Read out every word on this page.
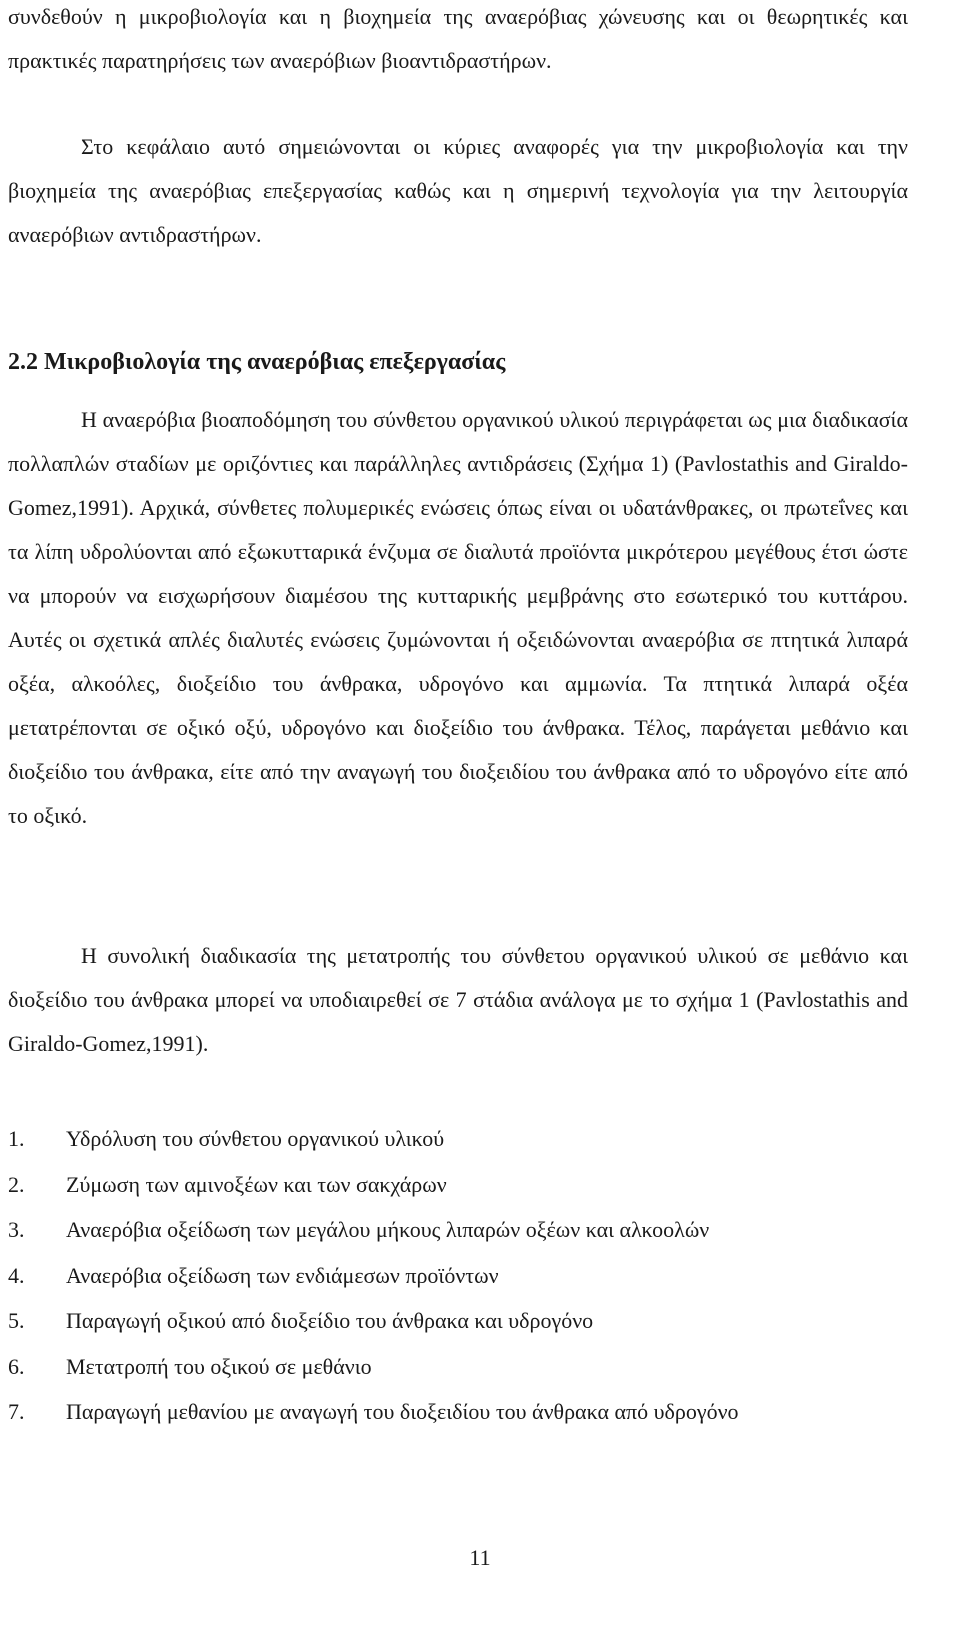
συνδεθούν η μικροβιολογία και η βιοχημεία της αναερόβιας χώνευσης και οι θεωρητικές και πρακτικές παρατηρήσεις των αναερόβιων βιοαντιδραστήρων.

Στο κεφάλαιο αυτό σημειώνονται οι κύριες αναφορές για την μικροβιολογία και την βιοχημεία της αναερόβιας επεξεργασίας καθώς και η σημερινή τεχνολογία για την λειτουργία αναερόβιων αντιδραστήρων.

2.2 Μικροβιολογία της αναερόβιας επεξεργασίας

Η αναερόβια βιοαποδόμηση του σύνθετου οργανικού υλικού περιγράφεται ως μια διαδικασία πολλαπλών σταδίων με οριζόντιες και παράλληλες αντιδράσεις (Σχήμα 1) (Pavlostathis and Giraldo-Gomez,1991). Αρχικά, σύνθετες πολυμερικές ενώσεις όπως είναι οι υδατάνθρακες, οι πρωτεΐνες και τα λίπη υδρολύονται από εξωκυτταρικά ένζυμα σε διαλυτά προϊόντα μικρότερου μεγέθους έτσι ώστε να μπορούν να εισχωρήσουν διαμέσου της κυτταρικής μεμβράνης στο εσωτερικό του κυττάρου. Αυτές οι σχετικά απλές διαλυτές ενώσεις ζυμώνονται ή οξειδώνονται αναερόβια σε πτητικά λιπαρά οξέα, αλκοόλες, διοξείδιο του άνθρακα, υδρογόνο και αμμωνία. Τα πτητικά λιπαρά οξέα μετατρέπονται σε οξικό οξύ, υδρογόνο και διοξείδιο του άνθρακα. Τέλος, παράγεται μεθάνιο και διοξείδιο του άνθρακα, είτε από την αναγωγή του διοξειδίου του άνθρακα από το υδρογόνο είτε από το οξικό.

Η συνολική διαδικασία της μετατροπής του σύνθετου οργανικού υλικού σε μεθάνιο και διοξείδιο του άνθρακα μπορεί να υποδιαιρεθεί σε 7 στάδια ανάλογα με το σχήμα 1 (Pavlostathis and Giraldo-Gomez,1991).

1. Υδρόλυση του σύνθετου οργανικού υλικού
2. Ζύμωση των αμινοξέων και των σακχάρων
3. Αναερόβια οξείδωση των μεγάλου μήκους λιπαρών οξέων και αλκοολών
4. Αναερόβια οξείδωση των ενδιάμεσων προϊόντων
5. Παραγωγή οξικού από διοξείδιο του άνθρακα και υδρογόνο
6. Μετατροπή του οξικού σε μεθάνιο
7. Παραγωγή μεθανίου με αναγωγή του διοξειδίου του άνθρακα από υδρογόνο
11
